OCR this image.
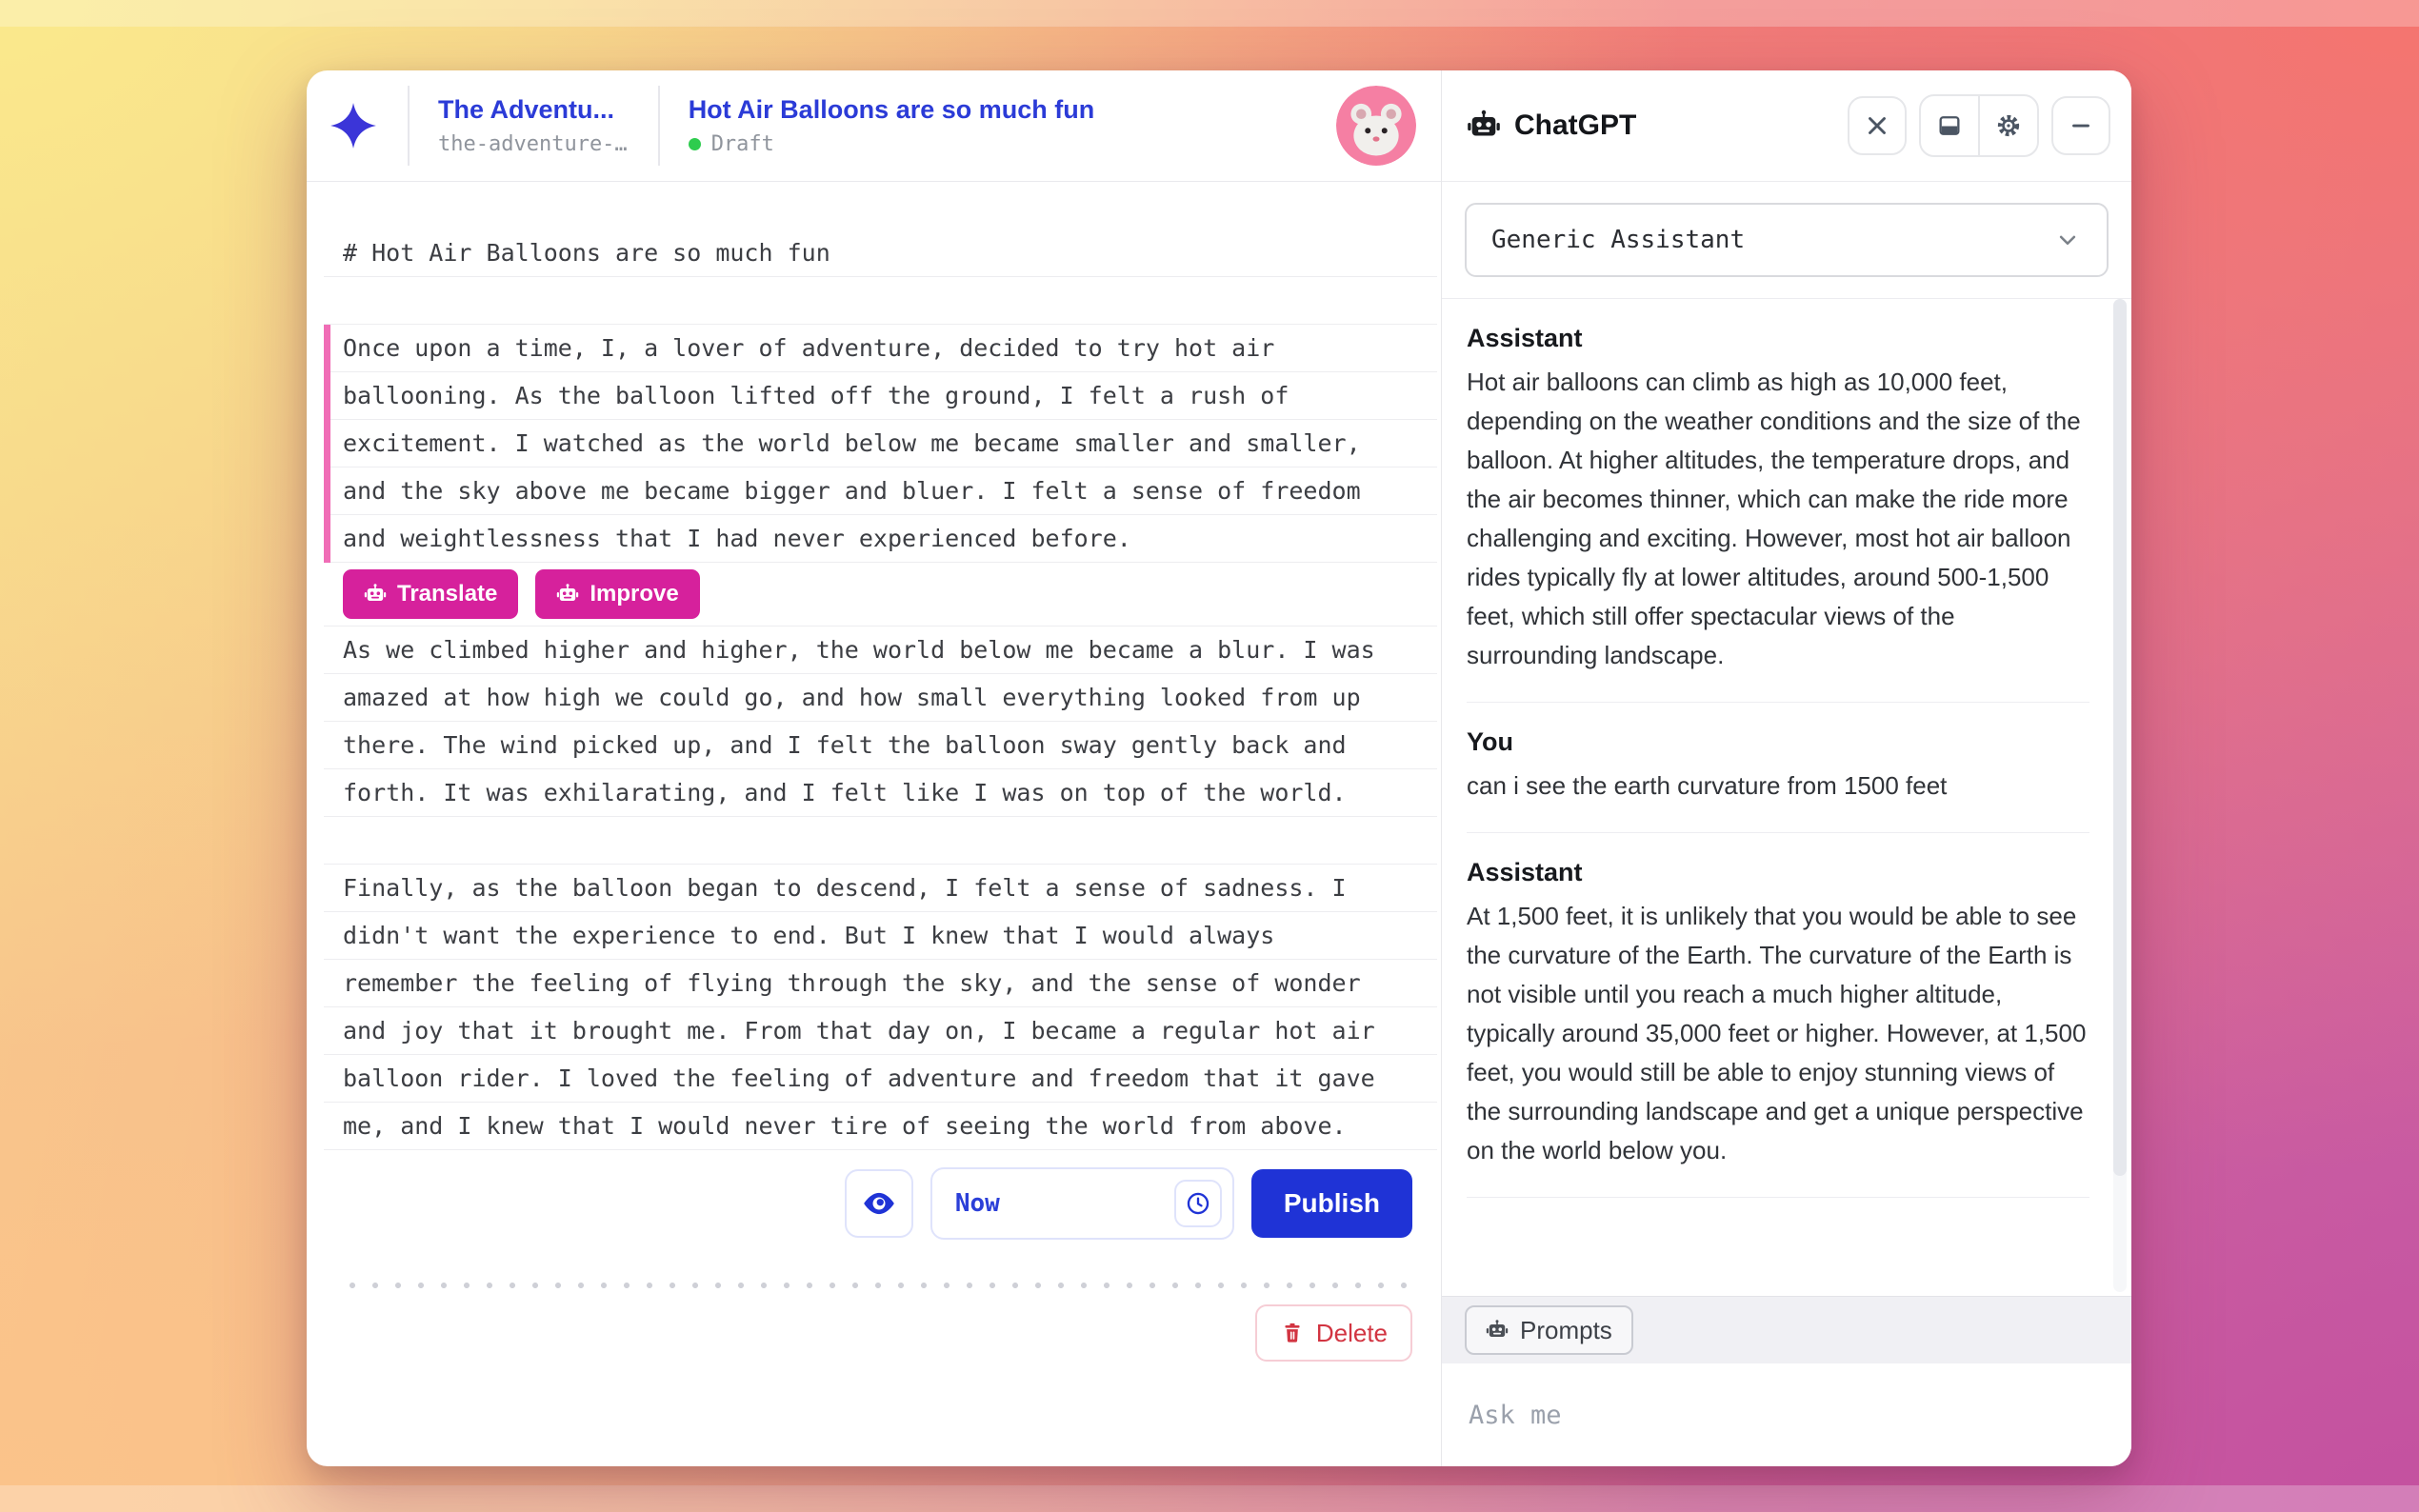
The Adventu...
the-adventure-…
Hot Air Balloons are so much fun
Draft
# Hot Air Balloons are so much fun
Once upon a time, I, a lover of adventure, decided to try hot air
ballooning. As the balloon lifted off the ground, I felt a rush of
excitement. I watched as the world below me became smaller and smaller,
and the sky above me became bigger and bluer. I felt a sense of freedom
and weightlessness that I had never experienced before.
Translate	Improve
As we climbed higher and higher, the world below me became a blur. I was
amazed at how high we could go, and how small everything looked from up
there. The wind picked up, and I felt the balloon sway gently back and
forth. It was exhilarating, and I felt like I was on top of the world.
Finally, as the balloon began to descend, I felt a sense of sadness. I
didn't want the experience to end. But I knew that I would always
remember the feeling of flying through the sky, and the sense of wonder
and joy that it brought me. From that day on, I became a regular hot air
balloon rider. I loved the feeling of adventure and freedom that it gave
me, and I knew that I would never tire of seeing the world from above.
Now	Publish
Delete
ChatGPT
Generic Assistant
Assistant
Hot air balloons can climb as high as 10,000 feet, depending on the weather conditions and the size of the balloon. At higher altitudes, the temperature drops, and the air becomes thinner, which can make the ride more challenging and exciting. However, most hot air balloon rides typically fly at lower altitudes, around 500-1,500 feet, which still offer spectacular views of the surrounding landscape.
You
can i see the earth curvature from 1500 feet
Assistant
At 1,500 feet, it is unlikely that you would be able to see the curvature of the Earth. The curvature of the Earth is not visible until you reach a much higher altitude, typically around 35,000 feet or higher. However, at 1,500 feet, you would still be able to enjoy stunning views of the surrounding landscape and get a unique perspective on the world below you.
Prompts
Ask me
